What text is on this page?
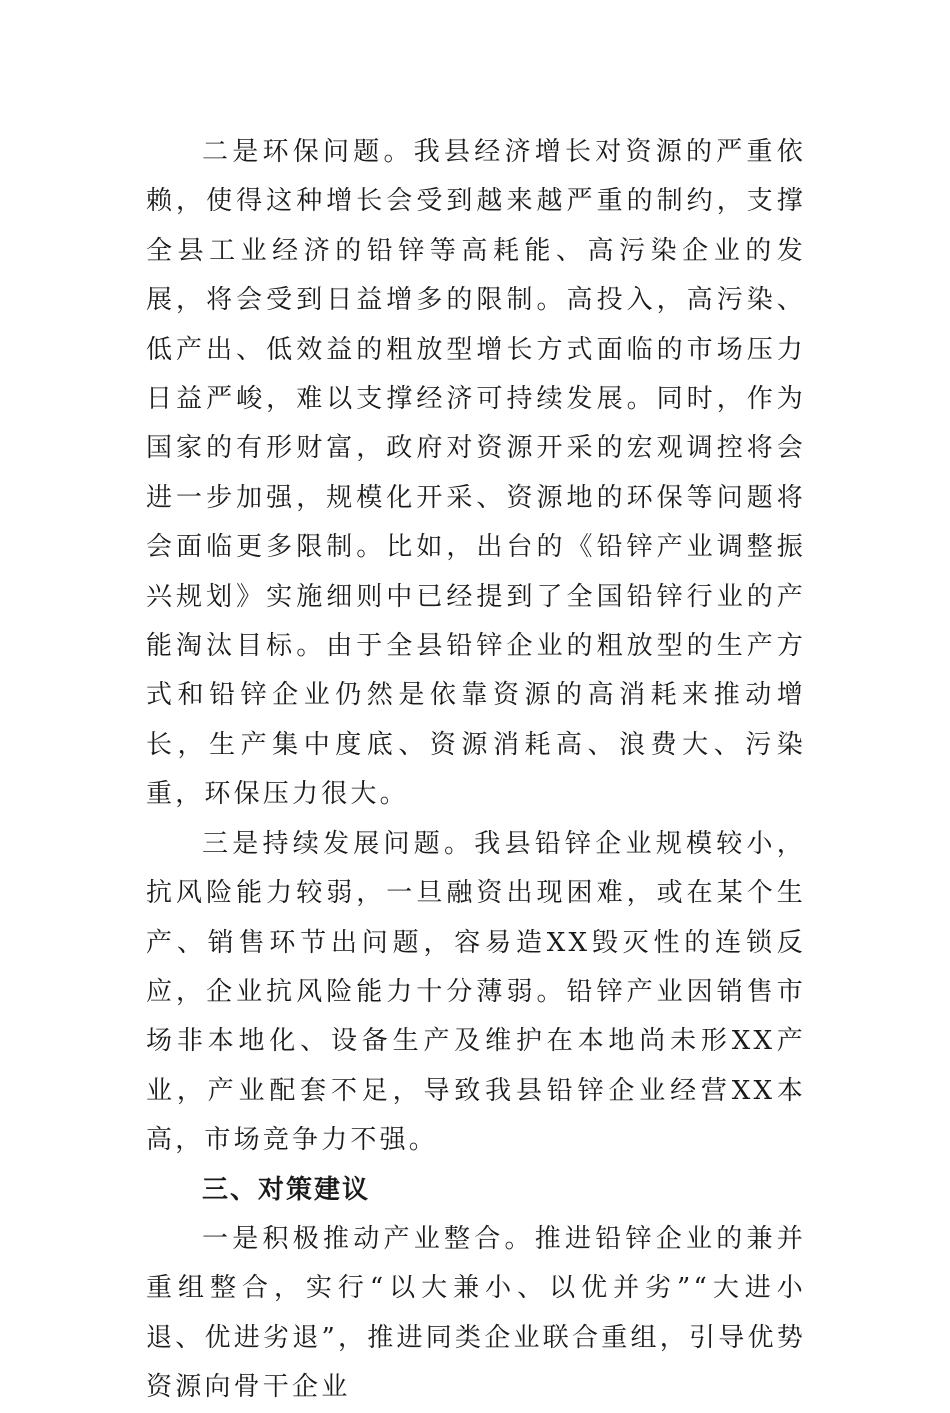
二是环保问题。我县经济增长对资源的严重依赖，使得这种增长会受到越来越严重的制约，支撑全县工业经济的铅锌等高耗能、高污染企业的发展，将会受到日益增多的限制。高投入，高污染、低产出、低效益的粗放型增长方式面临的市场压力日益严峻，难以支撑经济可持续发展。同时，作为国家的有形财富，政府对资源开采的宏观调控将会进一步加强，规模化开采、资源地的环保等问题将会面临更多限制。比如，出台的《铅锌产业调整振兴规划》实施细则中已经提到了全国铅锌行业的产能淘汰目标。由于全县铅锌企业的粗放型的生产方式和铅锌企业仍然是依靠资源的高消耗来推动增长，生产集中度底、资源消耗高、浪费大、污染重，环保压力很大。

三是持续发展问题。我县铅锌企业规模较小，抗风险能力较弱，一旦融资出现困难，或在某个生产、销售环节出问题，容易造XX毁灭性的连锁反应，企业抗风险能力十分薄弱。铅锌产业因销售市场非本地化、设备生产及维护在本地尚未形XX产业，产业配套不足，导致我县铅锌企业经营XX本高，市场竞争力不强。

三、对策建议

一是积极推动产业整合。推进铅锌企业的兼并重组整合，实行“以大兼小、以优并劣”“大进小退、优进劣退”，推进同类企业联合重组，引导优势资源向骨干企业
